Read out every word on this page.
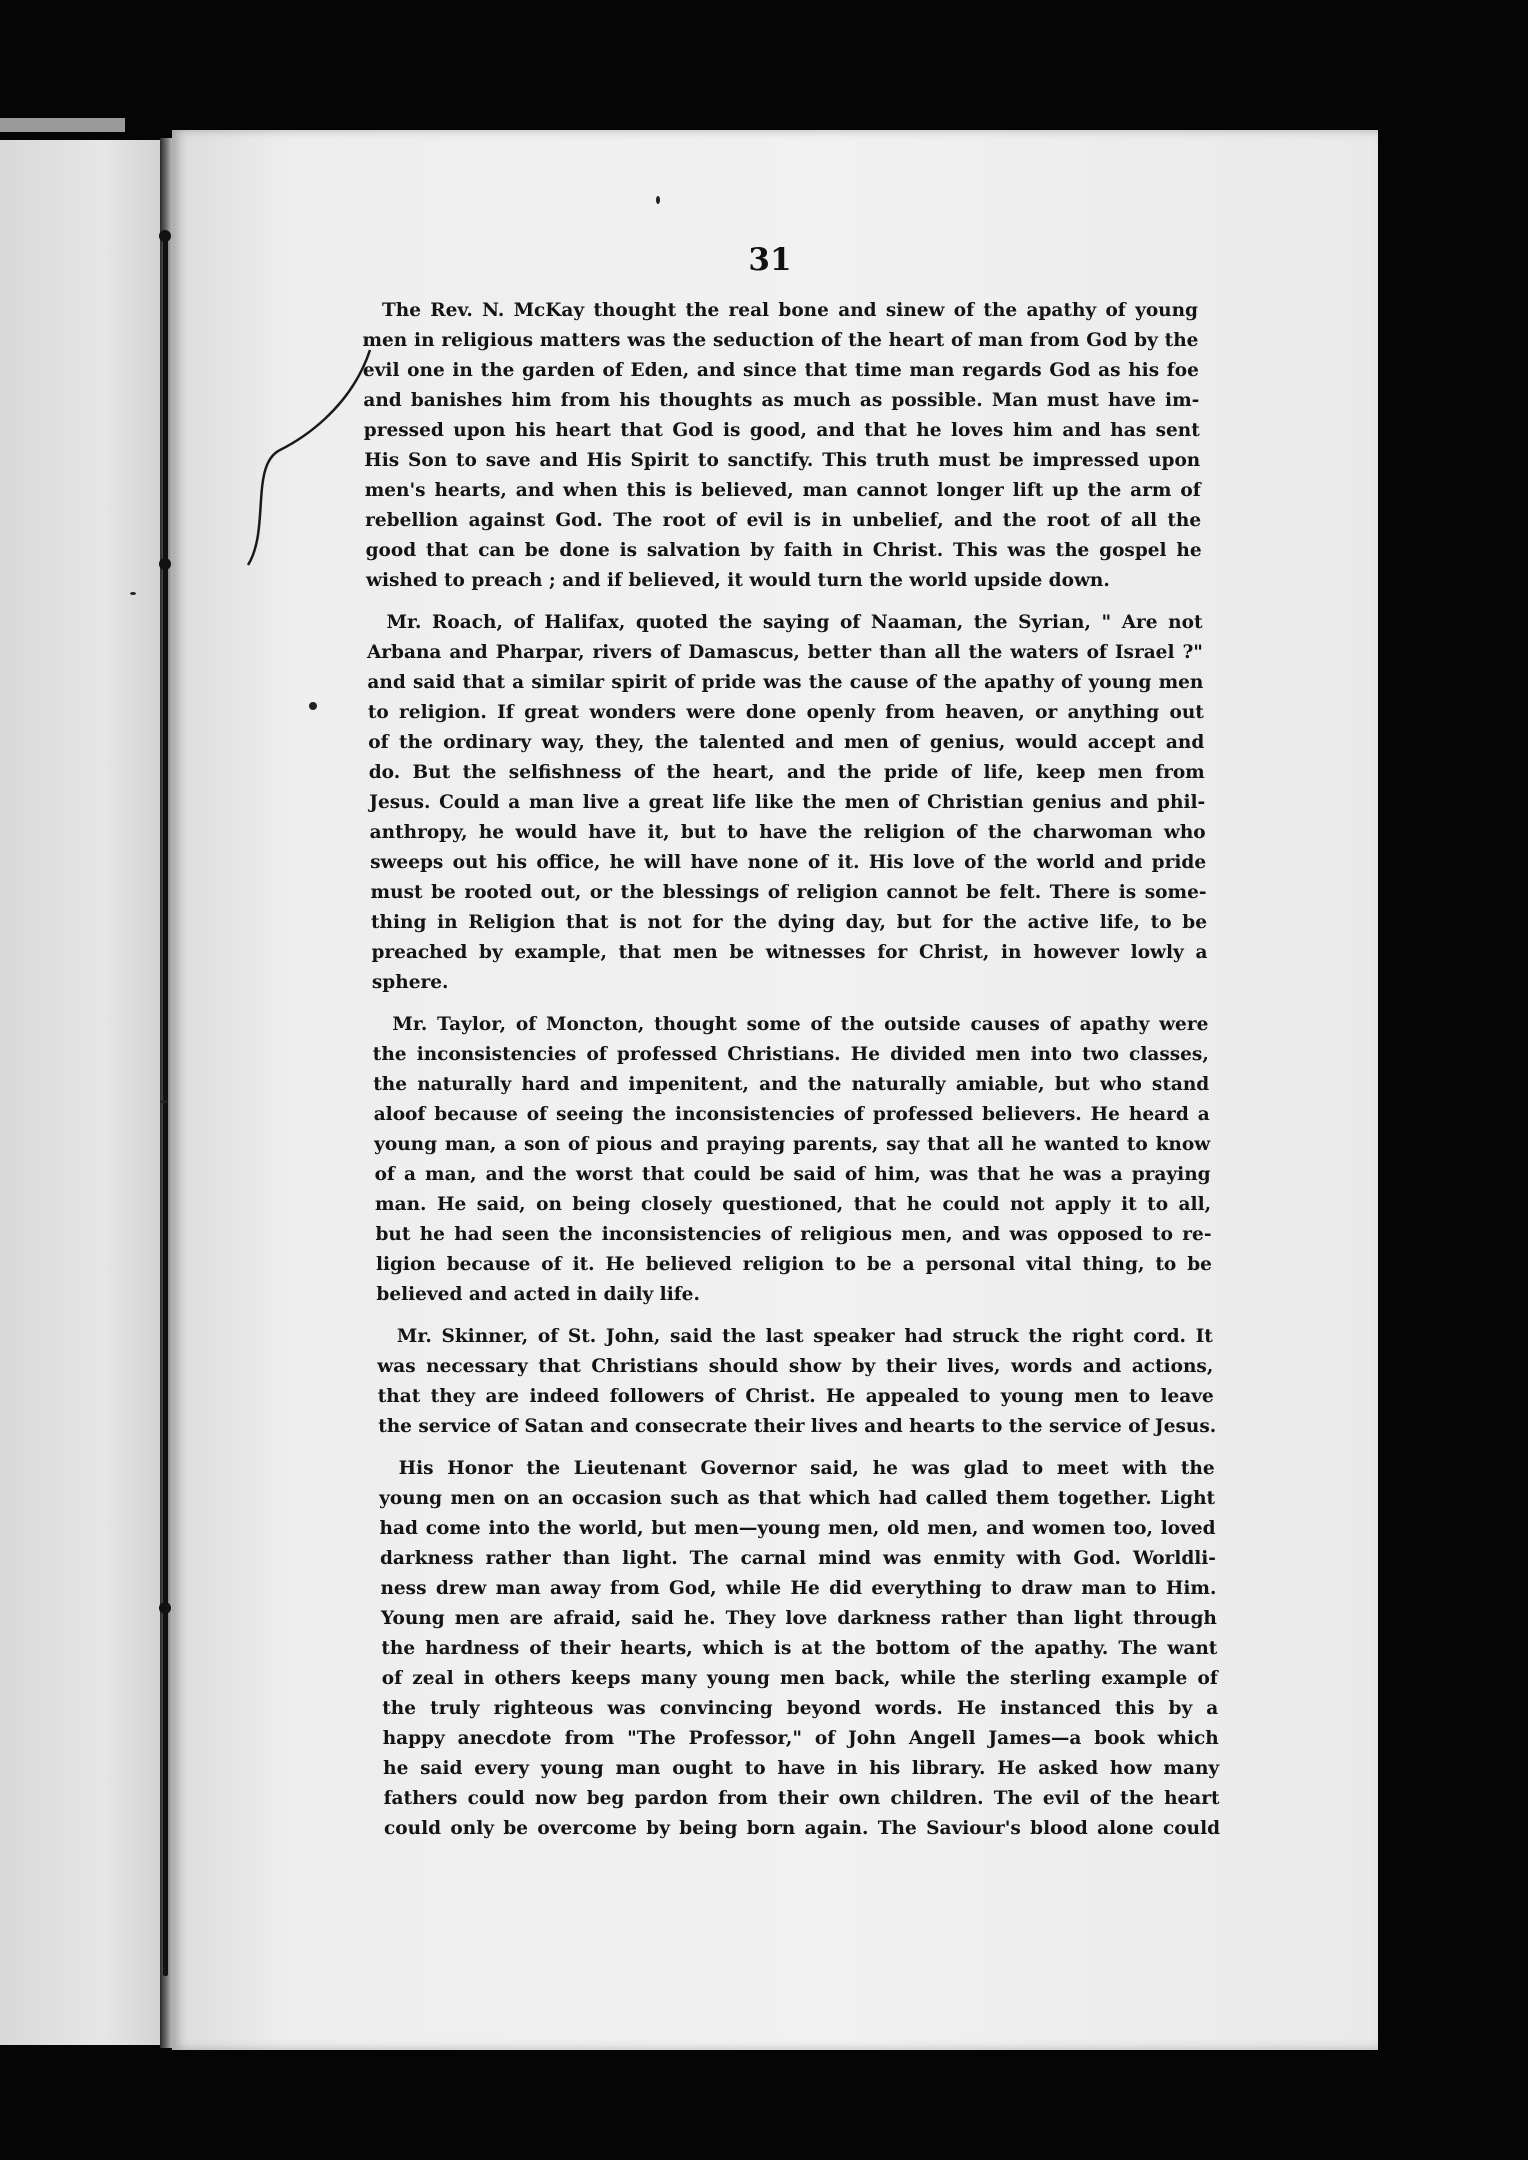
31
The Rev. N. McKay thought the real bone and sinew of the apathy of young
men in religious matters was the seduction of the heart of man from God by the
evil one in the garden of Eden, and since that time man regards God as his foe
and banishes him from his thoughts as much as possible. Man must have im-
pressed upon his heart that God is good, and that he loves him and has sent
His Son to save and His Spirit to sanctify. This truth must be impressed upon
men's hearts, and when this is believed, man cannot longer lift up the arm of
rebellion against God. The root of evil is in unbelief, and the root of all the
good that can be done is salvation by faith in Christ. This was the gospel he
wished to preach ; and if believed, it would turn the world upside down.
Mr. Roach, of Halifax, quoted the saying of Naaman, the Syrian, " Are not
Arbana and Pharpar, rivers of Damascus, better than all the waters of Israel ?"
and said that a similar spirit of pride was the cause of the apathy of young men
to religion. If great wonders were done openly from heaven, or anything out
of the ordinary way, they, the talented and men of genius, would accept and
do. But the selfishness of the heart, and the pride of life, keep men from
Jesus. Could a man live a great life like the men of Christian genius and phil-
anthropy, he would have it, but to have the religion of the charwoman who
sweeps out his office, he will have none of it. His love of the world and pride
must be rooted out, or the blessings of religion cannot be felt. There is some-
thing in Religion that is not for the dying day, but for the active life, to be
preached by example, that men be witnesses for Christ, in however lowly a
sphere.
Mr. Taylor, of Moncton, thought some of the outside causes of apathy were
the inconsistencies of professed Christians. He divided men into two classes,
the naturally hard and impenitent, and the naturally amiable, but who stand
aloof because of seeing the inconsistencies of professed believers. He heard a
young man, a son of pious and praying parents, say that all he wanted to know
of a man, and the worst that could be said of him, was that he was a praying
man. He said, on being closely questioned, that he could not apply it to all,
but he had seen the inconsistencies of religious men, and was opposed to re-
ligion because of it. He believed religion to be a personal vital thing, to be
believed and acted in daily life.
Mr. Skinner, of St. John, said the last speaker had struck the right cord. It
was necessary that Christians should show by their lives, words and actions,
that they are indeed followers of Christ. He appealed to young men to leave
the service of Satan and consecrate their lives and hearts to the service of Jesus.
His Honor the Lieutenant Governor said, he was glad to meet with the
young men on an occasion such as that which had called them together. Light
had come into the world, but men—young men, old men, and women too, loved
darkness rather than light. The carnal mind was enmity with God. Worldli-
ness drew man away from God, while He did everything to draw man to Him.
Young men are afraid, said he. They love darkness rather than light through
the hardness of their hearts, which is at the bottom of the apathy. The want
of zeal in others keeps many young men back, while the sterling example of
the truly righteous was convincing beyond words. He instanced this by a
happy anecdote from "The Professor," of John Angell James—a book which
he said every young man ought to have in his library. He asked how many
fathers could now beg pardon from their own children. The evil of the heart
could only be overcome by being born again. The Saviour's blood alone could
